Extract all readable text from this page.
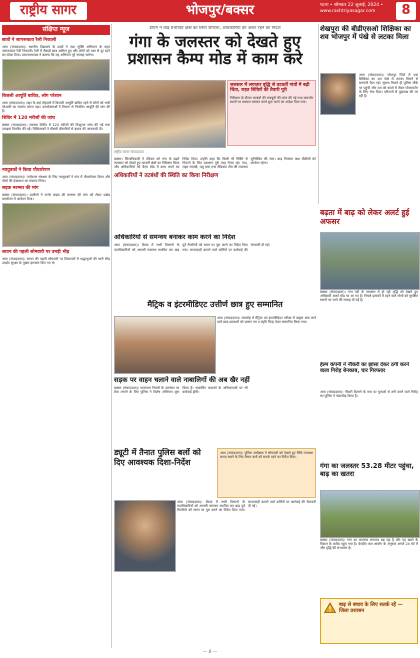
राष्ट्रीय सागर	भोजपुर/बक्सर	पटना • सोमवार 22 जुलाई, 2024 • www.rashtriyasagar.com	8
संक्षिप्त न्यूज
छात्रों ने जागरूकता रैली निकाली
आरा (संवाददाता)। स्थानीय विद्यालय के छात्रों ने नशा मुक्ति अभियान के तहत जागरूकता रैली निकाली। रैली में सैकड़ों छात्र शामिल हुए और लोगों को नशा से दूर रहने का संदेश दिया। प्रधानाध्यापक ने बताया कि यह अभियान पूरे सप्ताह चलेगा।
बिजली आपूर्ति बाधित, लोग परेशान
आरा (संवाददाता)। शहर के कई मोहल्लों में बिजली आपूर्ति बाधित रहने से लोगों को भारी परेशानी का सामना करना पड़ा। उपभोक्ताओं ने विभाग से नियमित आपूर्ति की मांग की है।
शिविर में 120 मरीजों की जांच
बक्सर (संवाददाता)। स्वास्थ्य शिविर में 120 मरीजों की निःशुल्क जांच की गई तथा दवाइयां वितरित की गईं। चिकित्सकों ने मौसमी बीमारियों से बचाव की जानकारी दी।
नवयुवकों ने किया पौधारोपण
आरा (संवाददाता)। पर्यावरण संरक्षण के लिए नवयुवकों ने गांव में पौधारोपण किया और पौधों की देखभाल का संकल्प लिया।
सड़क मरम्मत की मांग
बक्सर (संवाददाता)। ग्रामीणों ने जर्जर सड़क की मरम्मत की मांग को लेकर प्रखंड कार्यालय में आवेदन दिया।
सावन की पहली सोमवारी पर उमड़ी भीड़
आरा (संवाददाता)। सावन की पहली सोमवारी पर शिवालयों में श्रद्धालुओं की भारी भीड़ उमड़ी। सुरक्षा के पुख्ता इंतजाम किए गए थे।
डीएम ने बाढ़ प्रभावित क्षेत्रों का लिया जायजा, अधिकारियों को अलर्ट रहने का निर्देश
गंगा के जलस्तर को देखते हुए प्रशासन कैम्प मोड में काम करे
जलस्तर में लगातार वृद्धि से तटवर्ती गांवों में बढ़ी चिंता, राहत शिविरों की तैयारी पूरी
निरीक्षण के दौरान तटबंधों की मजबूती की जांच की गई तथा कमजोर स्थलों पर तत्काल मरम्मत कार्य शुरू करने का आदेश दिया गया।
राष्ट्रीय सागर संवाददाता
बक्सर। जिलाधिकारी ने रविवार को गंगा के बढ़ते जलस्तर को देखते हुए तटवर्ती क्षेत्रों का निरीक्षण किया और अधिकारियों को कैम्प मोड में काम करने का निर्देश दिया। उन्होंने कहा कि किसी भी स्थिति से निपटने के लिए प्रशासन पूरी तरह तैयार रहे। नाव, राहत सामग्री, पशु चारा तथा मेडिकल टीम की व्यवस्था सुनिश्चित की जाए। बाढ़ नियंत्रण कक्ष चौबीसों घंटे कार्यरत रहेगा।
अधिकारियों ने तटबंधों की स्थिति का किया निरीक्षण
अधिकारियों से समन्वय बनाकर काम करने का निर्देश
आरा (संवाददाता)। बैठक में सभी विभागों के पदाधिकारियों को आपसी समन्वय स्थापित कर बाढ़ पूर्व तैयारियों को समय पर पूरा करने का निर्देश दिया गया। लापरवाही बरतने वाले कर्मियों पर कार्रवाई की चेतावनी दी गई।
मैट्रिक व इंटरमीडिएट उत्तीर्ण छात्र हुए सम्मानित
आरा (संवाददाता)। समारोह में मैट्रिक एवं इंटरमीडिएट परीक्षा में उत्कृष्ट अंक लाने वाले छात्र-छात्राओं को प्रमाण पत्र व स्मृति चिन्ह देकर सम्मानित किया गया।
सड़क पर वाहन चलाने वाले नाबालिगों की अब खैर नहीं
बक्सर (संवाददाता)। यातायात नियमों के उल्लंघन पर रोक लगाने के लिए पुलिस ने विशेष अभियान शुरू किया है। नाबालिग चालकों के अभिभावकों पर भी कार्रवाई होगी।
ड्यूटी में तैनात पुलिस बलों को दिए आवश्यक दिशा-निर्देश
आरा (संवाददाता)। पुलिस अधीक्षक ने सोमवारी को देखते हुए विधि व्यवस्था बनाए रखने के लिए तैनात बलों को सतर्क रहने का निर्देश दिया।
आरा (संवाददाता)। बैठक में सभी विभागों के पदाधिकारियों को आपसी समन्वय स्थापित कर बाढ़ पूर्व तैयारियों को समय पर पूरा करने का निर्देश दिया गया। लापरवाही बरतने वाले कर्मियों पर कार्रवाई की चेतावनी दी गई।
शेखपुरा की बीडीएसओ शिक्षिका का शव भोजपुर में पंखे से लटका मिला
आरा (संवाददाता)। भोजपुर जिले में एक शिक्षिका का शव पंखे से लटका मिलने से सनसनी फैल गई। सूचना मिलते ही पुलिस मौके पर पहुंची और शव को कब्जे में लेकर पोस्टमार्टम के लिए भेज दिया। परिजनों से पूछताछ की जा रही है।
बढ़ता में बाढ़ को लेकर अलर्ट हुई अफसर
बक्सर (संवाददाता)। गंगा नदी के जलस्तर में हो रही वृद्धि को देखते हुए अधिकारी अलर्ट मोड पर आ गए हैं। निचले इलाकों में रहने वाले लोगों को सुरक्षित स्थानों पर जाने की सलाह दी गई है।
हेल्म कंपनी ने नौकरी का झांसा देकर ठगी करने वाला गिरोह बेनकाब, चार गिरफ्तार
आरा (संवाददाता)। नौकरी दिलाने के नाम पर युवाओं से ठगी करने वाले गिरोह का पुलिस ने भंडाफोड़ किया है।
गंगा का जलस्तर 53.28 मीटर पहुंचा, बाढ़ का खतरा
बक्सर (संवाददाता)। गंगा का जलस्तर लगातार बढ़ रहा है और यह खतरे के निशान के करीब पहुंच गया है। केन्द्रीय जल आयोग के अनुसार अगले 24 घंटे में और वृद्धि की संभावना है।
बाढ़ से बचाव के लिए सतर्क रहें — जिला प्रशासन
— 8 —
